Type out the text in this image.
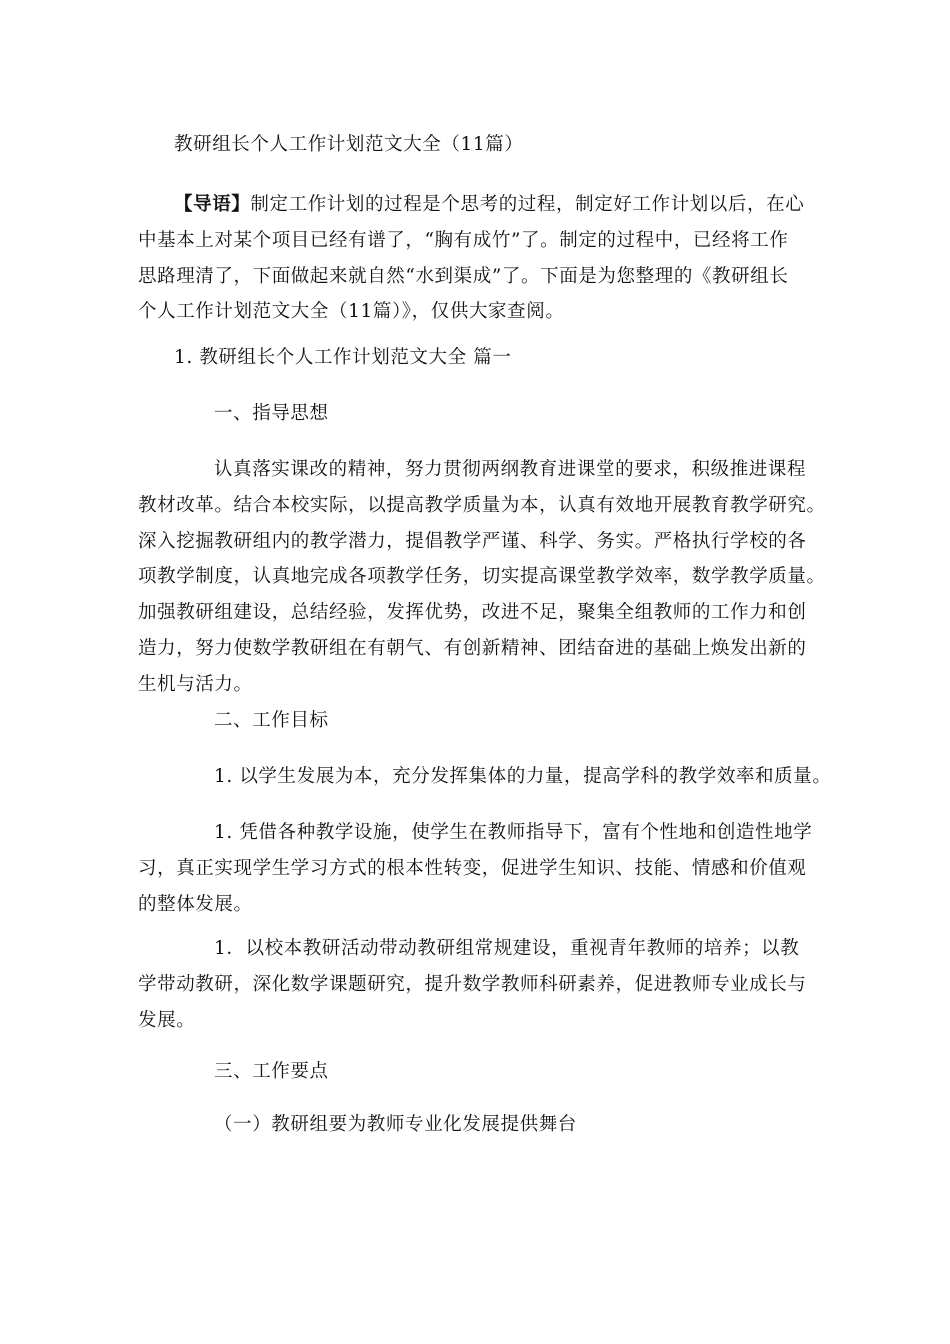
教研组长个人工作计划范文大全（11篇）
【导语】制定工作计划的过程是个思考的过程，制定好工作计划以后，在心
中基本上对某个项目已经有谱了，“胸有成竹”了。制定的过程中，已经将工作
思路理清了，下面做起来就自然“水到渠成”了。下面是为您整理的《教研组长
个人工作计划范文大全（11篇）》，仅供大家查阅。
1. 教研组长个人工作计划范文大全 篇一
一、指导思想
认真落实课改的精神，努力贯彻两纲教育进课堂的要求，积级推进课程
教材改革。结合本校实际，以提高教学质量为本，认真有效地开展教育教学研究。
深入挖掘教研组内的教学潜力，提倡教学严谨、科学、务实。严格执行学校的各
项教学制度，认真地完成各项教学任务，切实提高课堂教学效率，数学教学质量。
加强教研组建设，总结经验，发挥优势，改进不足，聚集全组教师的工作力和创
造力，努力使数学教研组在有朝气、有创新精神、团结奋进的基础上焕发出新的
生机与活力。
二、工作目标
1. 以学生发展为本，充分发挥集体的力量，提高学科的教学效率和质量。
1. 凭借各种教学设施，使学生在教师指导下，富有个性地和创造性地学
习，真正实现学生学习方式的根本性转变，促进学生知识、技能、情感和价值观
的整体发展。
1．以校本教研活动带动教研组常规建设，重视青年教师的培养；以教
学带动教研，深化数学课题研究，提升数学教师科研素养，促进教师专业成长与
发展。
三、工作要点
（一）教研组要为教师专业化发展提供舞台
